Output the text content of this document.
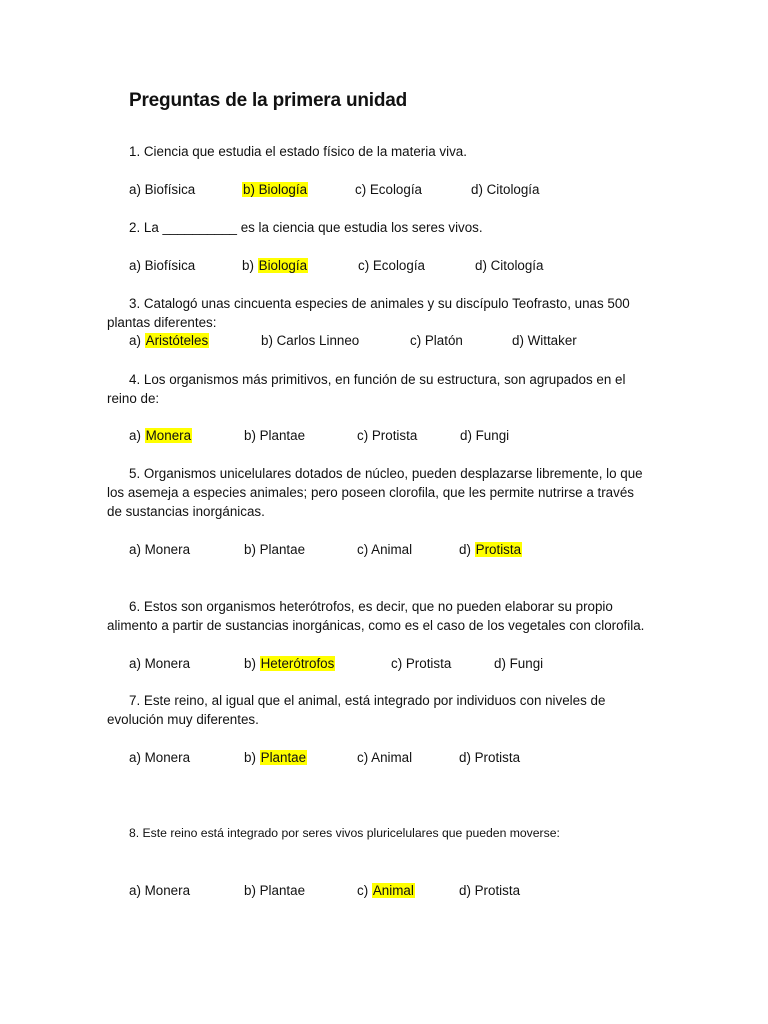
Preguntas de la primera unidad

1. Ciencia que estudia el estado físico de la materia viva.

a) Biofísica	b) Biología	c) Ecología	d) Citología

2. La __________ es la ciencia que estudia los seres vivos.

a) Biofísica	b) Biología	c) Ecología	d) Citología

3. Catalogó unas cincuenta especies de animales y su discípulo Teofrasto, unas 500

plantas diferentes:

a) Aristóteles	b) Carlos Linneo	c) Platón	d) Wittaker

4. Los organismos más primitivos, en función de su estructura, son agrupados en el

reino de:

a) Monera	b) Plantae	c) Protista	d) Fungi

5. Organismos unicelulares dotados de núcleo, pueden desplazarse libremente, lo que

los asemeja a especies animales; pero poseen clorofila, que les permite nutrirse a través

de sustancias inorgánicas.

a) Monera	b) Plantae	c) Animal	d) Protista

6. Estos son organismos heterótrofos, es decir, que no pueden elaborar su propio

alimento a partir de sustancias inorgánicas, como es el caso de los vegetales con clorofila.

a) Monera	b) Heterótrofos	c) Protista	d) Fungi

7. Este reino, al igual que el animal, está integrado por individuos con niveles de

evolución muy diferentes.

a) Monera	b) Plantae	c) Animal	d) Protista

8. Este reino está integrado por seres vivos pluricelulares que pueden moverse:

a) Monera	b) Plantae	c) Animal	d) Protista
